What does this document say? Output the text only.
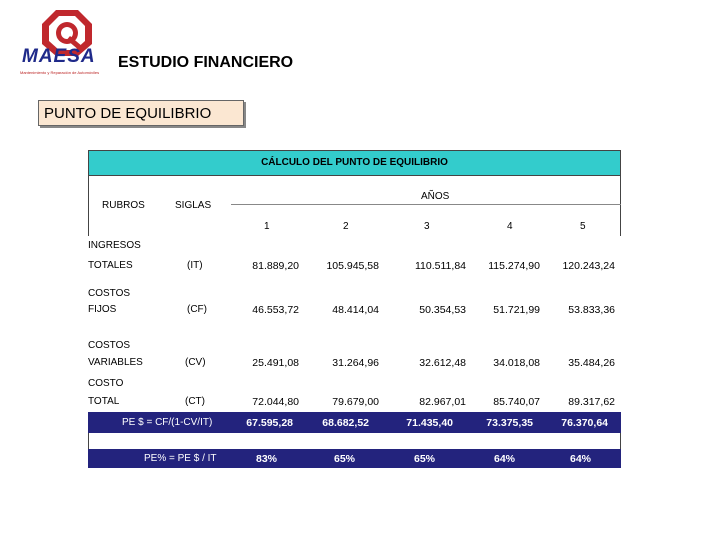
MAESA
Mantenimiento y Reparación de Automóviles
ESTUDIO FINANCIERO
PUNTO DE EQUILIBRIO
CÁLCULO DEL PUNTO DE EQUILIBRIO
RUBROS	SIGLAS
AÑOS
1	2	3	4	5
INGRESOS
TOTALES	(IT)	81.889,20	105.945,58	110.511,84 115.274,90 120.243,24
COSTOS
FIJOS	(CF)	46.553,72	48.414,04	50.354,53	51.721,99	53.833,36
COSTOS
VARIABLES	(CV)	25.491,08	31.264,96	32.612,48	34.018,08	35.484,26
COSTO
TOTAL	(CT)	72.044,80	79.679,00	82.967,01	85.740,07	89.317,62
PE $ = CF/(1-CV/IT)	67.595,28	68.682,52	71.435,40	73.375,35	76.370,64
PE% = PE $ / IT	83%	65%	65%	64%	64%
